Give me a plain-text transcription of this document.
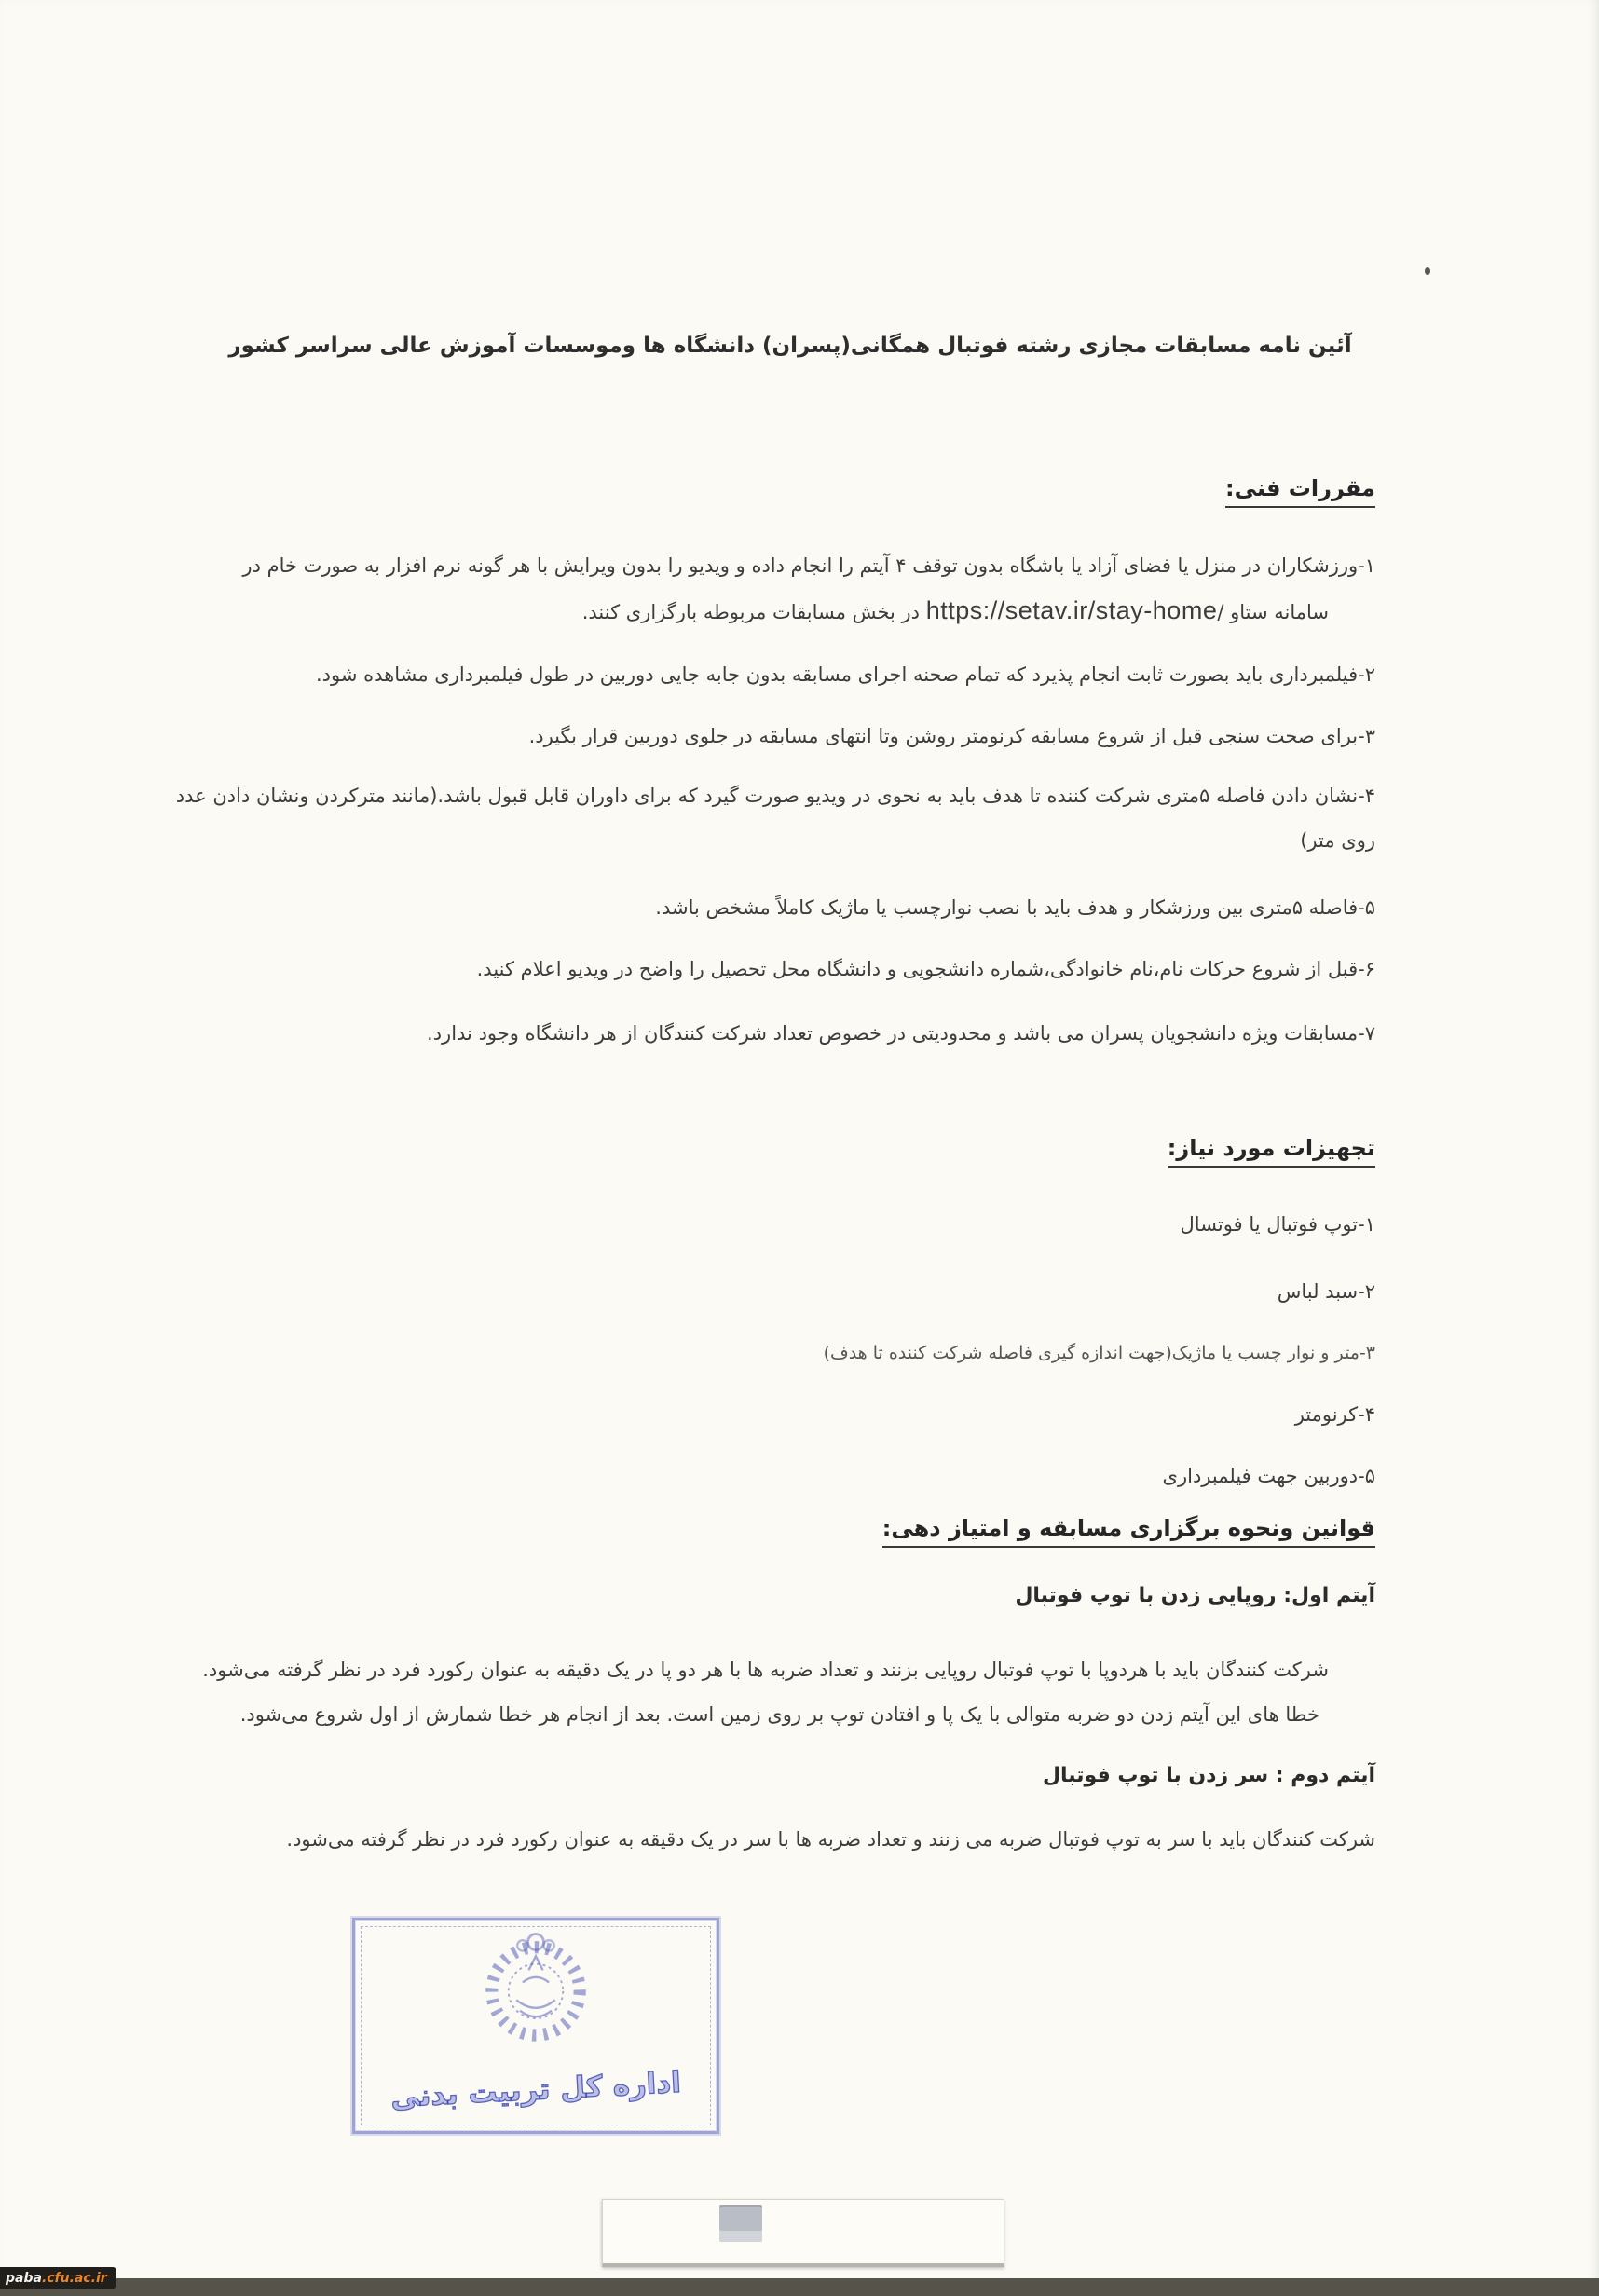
آئین نامه مسابقات مجازی رشته فوتبال همگانی(پسران) دانشگاه ها وموسسات آموزش عالی سراسر کشور
مقررات فنی:
۱-ورزشکاران در منزل یا فضای آزاد یا باشگاه بدون توقف ۴ آیتم را انجام داده و ویدیو را بدون ویرایش با هر گونه نرم افزار به صورت خام در
سامانه ستاو /https://setav.ir/stay-home در بخش مسابقات مربوطه بارگزاری کنند.
۲-فیلمبرداری باید بصورت ثابت انجام پذیرد که تمام صحنه اجرای مسابقه بدون جابه جایی دوربین در طول فیلمبرداری مشاهده شود.
۳-برای صحت سنجی قبل از شروع مسابقه کرنومتر روشن وتا انتهای مسابقه در جلوی دوربین قرار بگیرد.
۴-نشان دادن فاصله ۵متری شرکت کننده تا هدف باید به نحوی در ویدیو صورت گیرد که برای داوران قابل قبول باشد.(مانند مترکردن ونشان دادن عدد روی متر)
۵-فاصله ۵متری بین ورزشکار و هدف باید با نصب نوارچسب یا ماژیک کاملاً مشخص باشد.
۶-قبل از شروع حرکات نام،نام خانوادگی،شماره دانشجویی و دانشگاه محل تحصیل را واضح در ویدیو اعلام کنید.
۷-مسابقات ویژه دانشجویان پسران می باشد و محدودیتی در خصوص تعداد شرکت کنندگان از هر دانشگاه وجود ندارد.
تجهیزات مورد نیاز:
۱-توپ فوتبال یا فوتسال
۲-سبد لباس
۳-متر و نوار چسب یا ماژیک(جهت اندازه گیری فاصله شرکت کننده تا هدف)
۴-کرنومتر
۵-دوربین جهت فیلمبرداری
قوانین ونحوه برگزاری مسابقه و امتیاز دهی:
آیتم اول: روپایی زدن با توپ فوتبال
شرکت کنندگان باید با هردوپا با توپ فوتبال روپایی بزنند و تعداد ضربه ها با هر دو پا در یک دقیقه به عنوان رکورد فرد در نظر گرفته می‌شود.
خطا های این آیتم زدن دو ضربه متوالی با یک پا و افتادن توپ بر روی زمین است. بعد از انجام هر خطا شمارش از اول شروع می‌شود.
آیتم دوم : سر زدن با توپ فوتبال
شرکت کنندگان باید با سر به توپ فوتبال ضربه می زنند و تعداد ضربه ها با سر در یک دقیقه به عنوان رکورد فرد در نظر گرفته می‌شود.
اداره کل تربیت بدنی
paba .cfu.ac.ir
